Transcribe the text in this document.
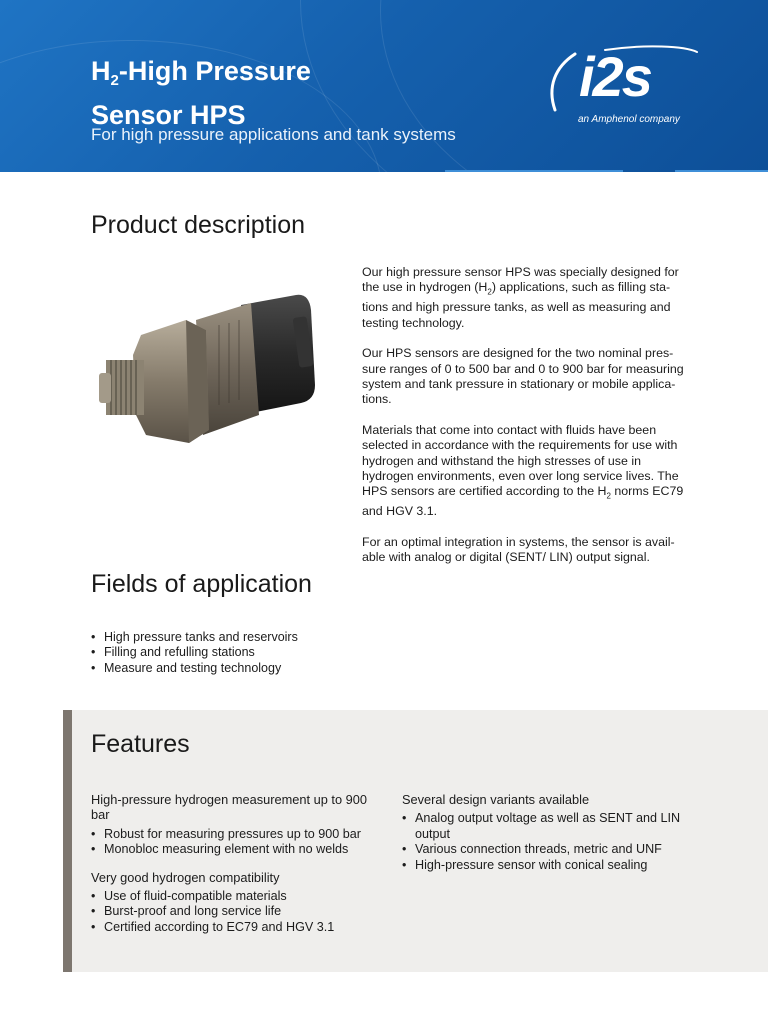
$H_2$-High Pressure
Sensor HPS
For high pressure applications and tank systems
i2s
an Amphenol company
Product description

Our high pressure sensor HPS was specially designed for the use in hydrogen $(H_2)$ applications, such as filling sta-tions and high pressure tanks, as well as measuring and testing technology.

Our HPS sensors are designed for the two nominal pres-sure ranges of 0 to 500 bar and 0 to 900 bar for measuring system and tank pressure in stationary or mobile applica-tions.

Materials that come into contact with fluids have been selected in accordance with the requirements for use with hydrogen and withstand the high stresses of use in hydrogen environments, even over long service lives. The HPS sensors are certified according to the $H_2$ norms EC79 and HGV 3.1.

For an optimal integration in systems, the sensor is avail-able with analog or digital (SENT/ LIN) output signal.

Fields of application
• High pressure tanks and reservoirs
• Filling and refulling stations
• Measure and testing technology
Features

High-pressure hydrogen measurement up to 900 bar

• Robust for measuring pressures up to 900 bar
• Monobloc measuring element with no welds

Very good hydrogen compatibility

• Use of fluid-compatible materials
• Burst-proof and long service life
• Certified according to EC79 and HGV 3.1

Several design variants available

• Analog output voltage as well as SENT and LIN output
• Various connection threads, metric and UNF
• High-pressure sensor with conical sealing
